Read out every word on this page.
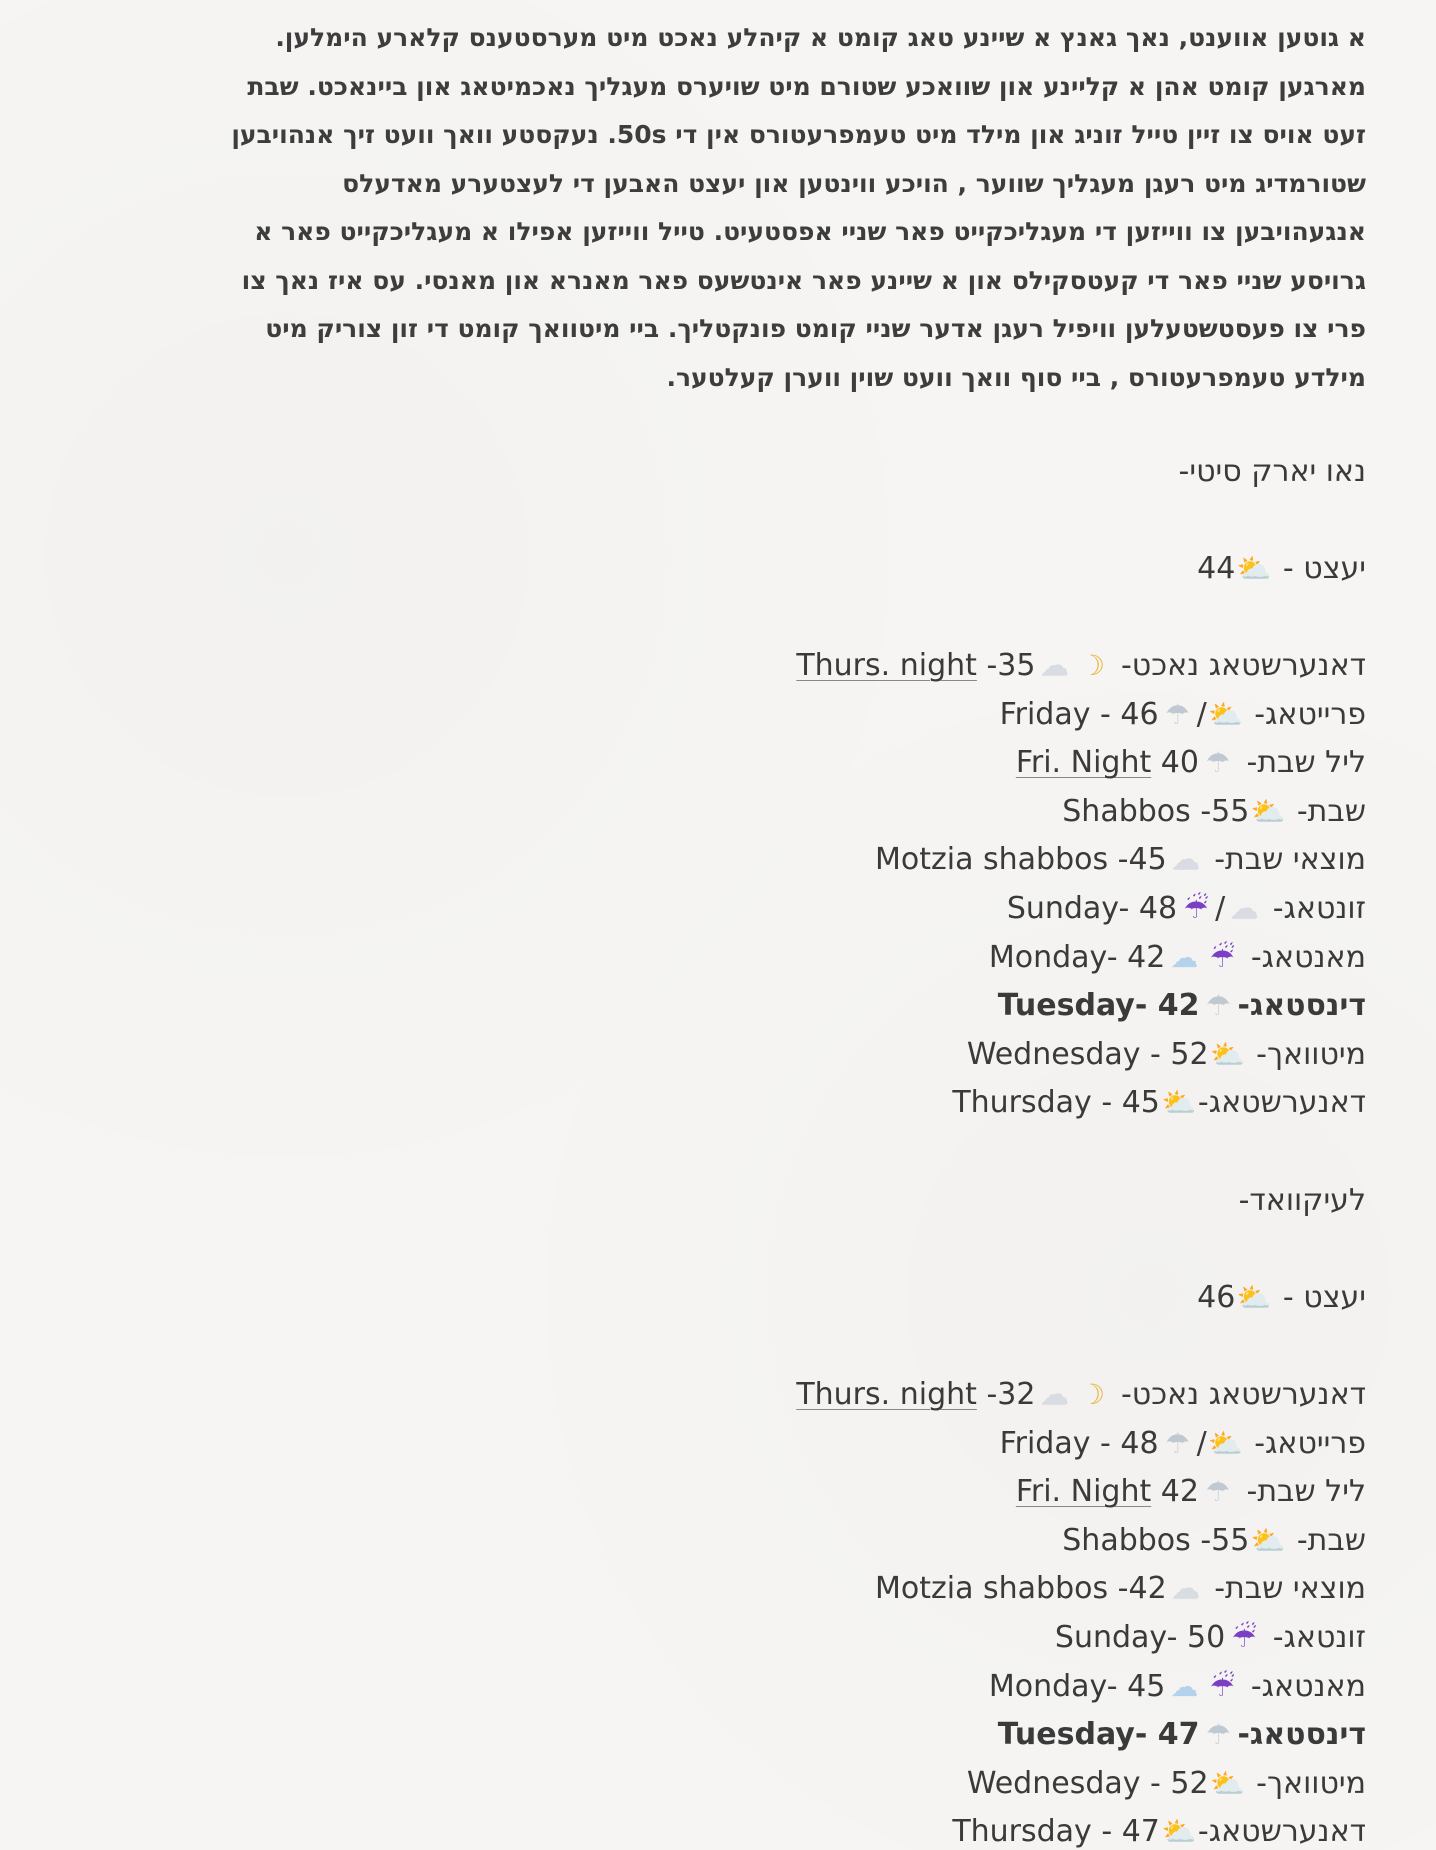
א גוטען אווענט, נאך גאנץ א שיינע טאג קומט א קיהלע נאכט מיט מערסטענס קלארע הימלען.
מארגען קומט אהן א קליינע און שוואכע שטורם מיט שויערס מעגליך נאכמיטאג און ביינאכט. שבת
זעט אויס צו זיין טייל זוניג און מילד מיט טעמפרעטורס אין די 50s. נעקסטע וואך וועט זיך אנהויבען
שטורמדיג מיט רעגן מעגליך שווער , הויכע ווינטען און יעצט האבען די לעצטערע מאדעלס
אנגעהויבען צו ווייזען די מעגליכקייט פאר שניי אפסטעיט. טייל ווייזען אפילו א מעגליכקייט פאר א
גרויסע שניי פאר די קעטסקילס און א שיינע פאר אינטשעס פאר מאנרא און מאנסי. עס איז נאך צו
פרי צו פעסטשטעלען וויפיל רעגן אדער שניי קומט פונקטליך. ביי מיטוואך קומט די זון צוריק מיט
מילדע טעמפרעטורס , ביי סוף וואך וועט שוין ווערן קעלטער.

נאו יארק סיטי-
יעצט - ⛅44
דאנערשטאג נאכט- ☽☁-35 Thurs. night
פרייטאג- ⛅/☂Friday - 46
ליל שבת- ☂40 Fri. Night
שבת- ⛅Shabbos -55
מוצאי שבת- ☁Motzia shabbos -45
זונטאג- ☁/☔Sunday- 48
מאנטאג- ☔☁Monday- 42
דינסטאג-☂Tuesday- 42
מיטוואך- ⛅Wednesday - 52
דאנערשטאג-⛅Thursday - 45
לעיקוואד-
יעצט - ⛅46
דאנערשטאג נאכט- ☽☁-32 Thurs. night
פרייטאג- ⛅/☂Friday - 48
ליל שבת- ☂42 Fri. Night
שבת- ⛅Shabbos -55
מוצאי שבת- ☁Motzia shabbos -42
זונטאג- ☔Sunday- 50
מאנטאג- ☔☁Monday- 45
דינסטאג-☂Tuesday- 47
מיטוואך- ⛅Wednesday - 52
דאנערשטאג-⛅Thursday - 47
